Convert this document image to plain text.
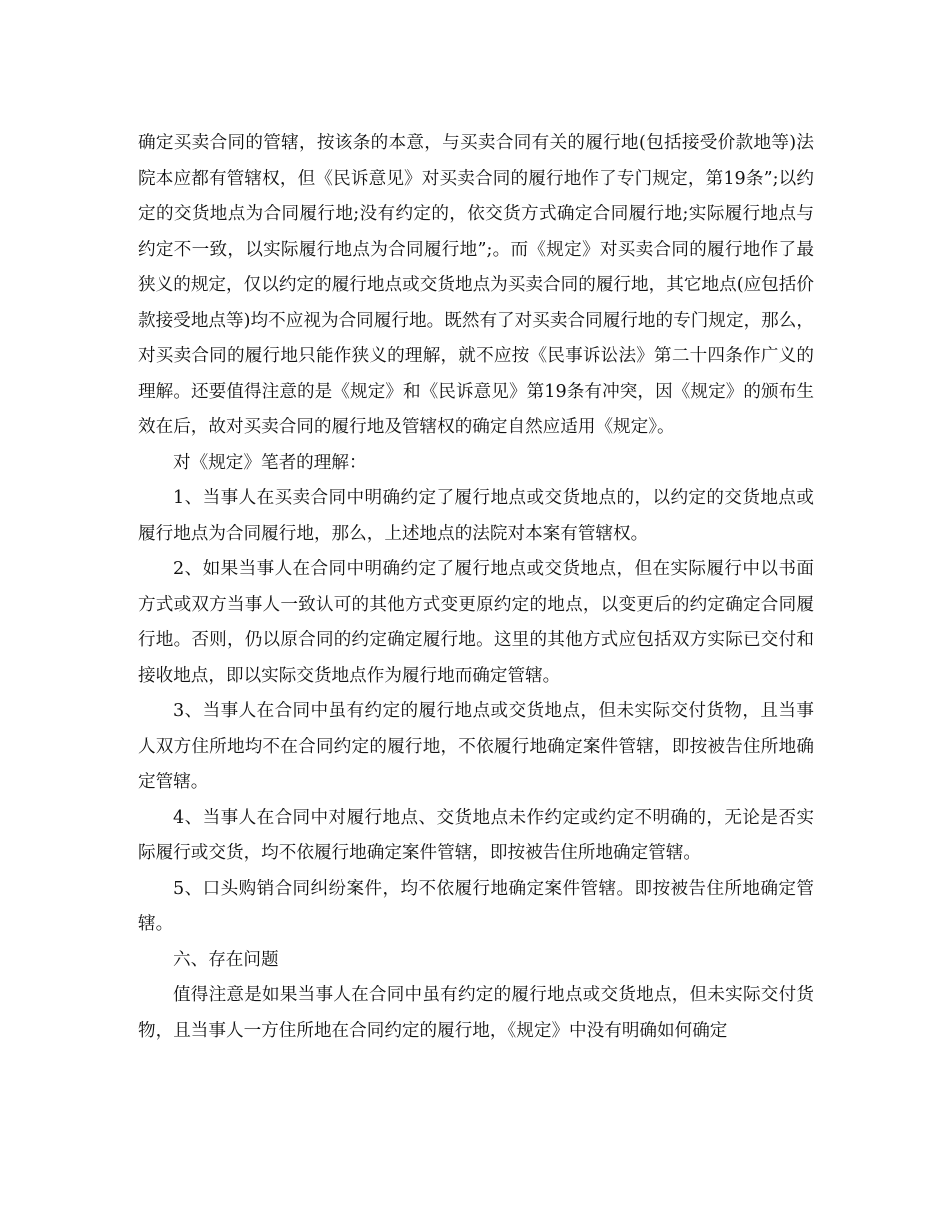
确定买卖合同的管辖，按该条的本意，与买卖合同有关的履行地(包括接受价款地等)法院本应都有管辖权，但《民诉意见》对买卖合同的履行地作了专门规定，第19条”;以约定的交货地点为合同履行地;没有约定的，依交货方式确定合同履行地;实际履行地点与约定不一致，以实际履行地点为合同履行地”;。而《规定》对买卖合同的履行地作了最狭义的规定，仅以约定的履行地点或交货地点为买卖合同的履行地，其它地点(应包括价款接受地点等)均不应视为合同履行地。既然有了对买卖合同履行地的专门规定，那么，对买卖合同的履行地只能作狭义的理解，就不应按《民事诉讼法》第二十四条作广义的理解。还要值得注意的是《规定》和《民诉意见》第19条有冲突，因《规定》的颁布生效在后，故对买卖合同的履行地及管辖权的确定自然应适用《规定》。

对《规定》笔者的理解：

1、当事人在买卖合同中明确约定了履行地点或交货地点的，以约定的交货地点或履行地点为合同履行地，那么，上述地点的法院对本案有管辖权。

2、如果当事人在合同中明确约定了履行地点或交货地点，但在实际履行中以书面方式或双方当事人一致认可的其他方式变更原约定的地点，以变更后的约定确定合同履行地。否则，仍以原合同的约定确定履行地。这里的其他方式应包括双方实际已交付和接收地点，即以实际交货地点作为履行地而确定管辖。

3、当事人在合同中虽有约定的履行地点或交货地点，但未实际交付货物，且当事人双方住所地均不在合同约定的履行地，不依履行地确定案件管辖，即按被告住所地确定管辖。

4、当事人在合同中对履行地点、交货地点未作约定或约定不明确的，无论是否实际履行或交货，均不依履行地确定案件管辖，即按被告住所地确定管辖。

5、口头购销合同纠纷案件，均不依履行地确定案件管辖。即按被告住所地确定管辖。

六、存在问题

值得注意是如果当事人在合同中虽有约定的履行地点或交货地点，但未实际交付货物，且当事人一方住所地在合同约定的履行地，《规定》中没有明确如何确定
